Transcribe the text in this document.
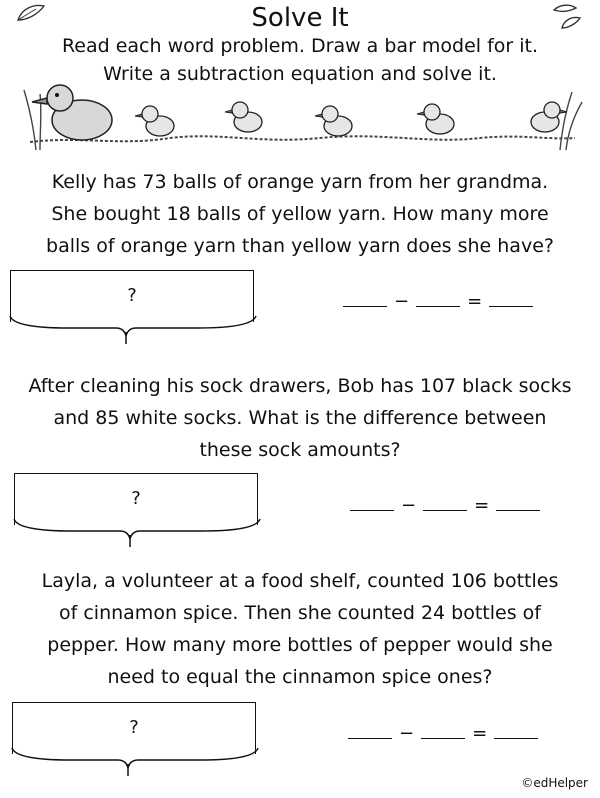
Solve It
Read each word problem. Draw a bar model for it.
Write a subtraction equation and solve it.
Kelly has 73 balls of orange yarn from her grandma.
She bought 18 balls of yellow yarn. How many more
balls of orange yarn than yellow yarn does she have?
?	−	=
After cleaning his sock drawers, Bob has 107 black socks
and 85 white socks. What is the difference between
these sock amounts?
?	−	=
Layla, a volunteer at a food shelf, counted 106 bottles
of cinnamon spice. Then she counted 24 bottles of
pepper. How many more bottles of pepper would she
need to equal the cinnamon spice ones?
?	−	=
©edHelper
